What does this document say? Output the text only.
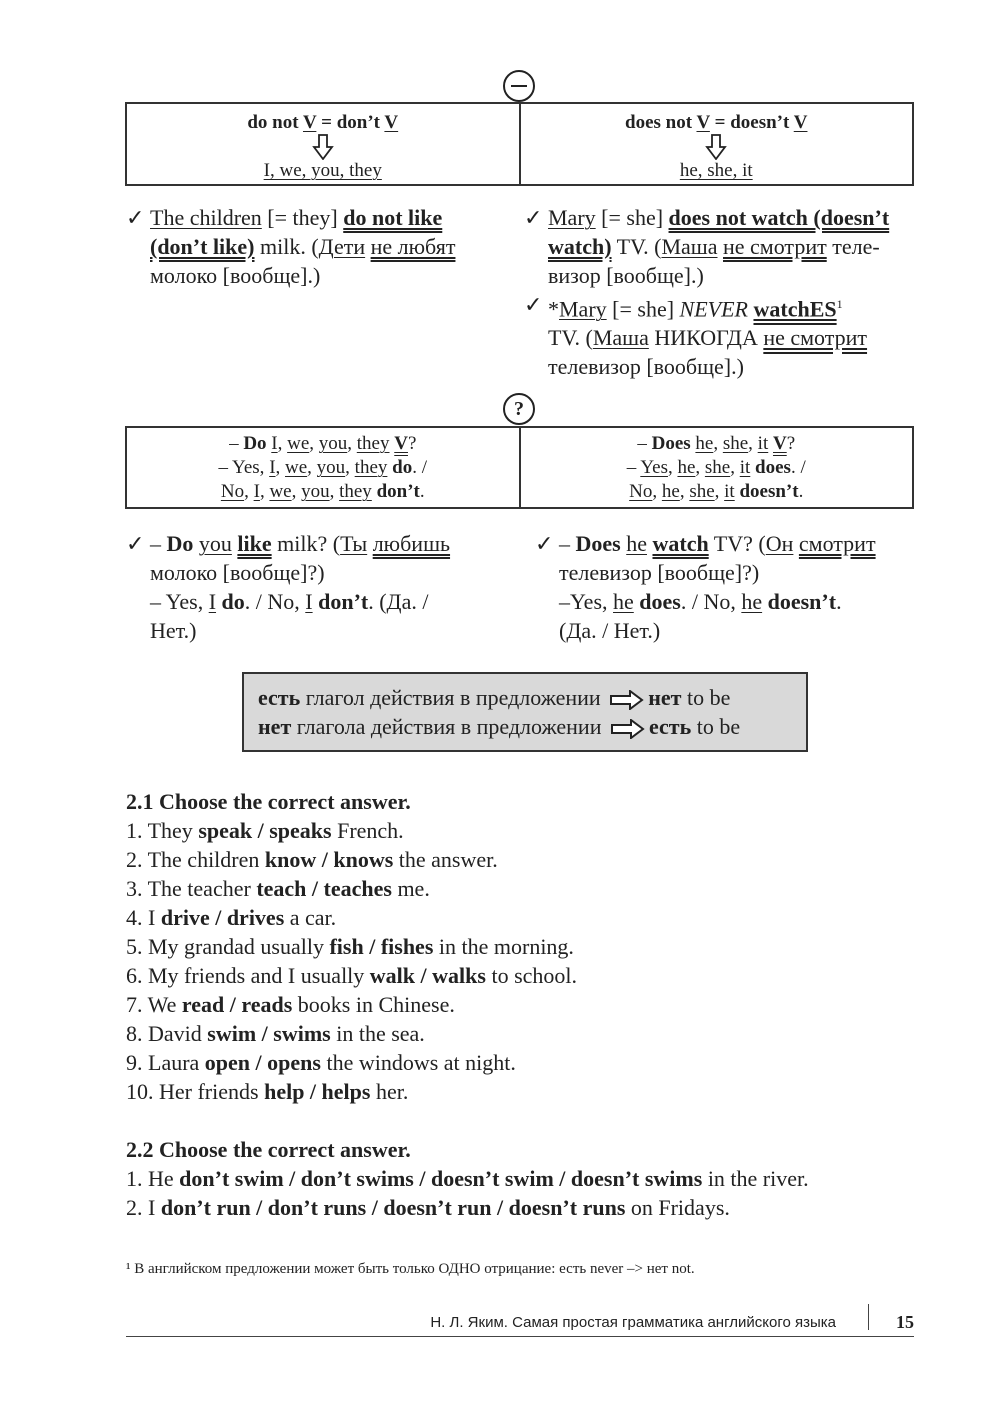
do not V = don’t V
I, we, you, they
does not V = doesn’t V
he, she, it
✓ The children [= they] do not like
(don’t like) milk. (Дети не любят
молоко [вообще].)
✓ Mary [= she] does not watch (doesn’t
watch) TV. (Маша не смотрит теле-
визор [вообще].)
✓ *Mary [= she] NEVER watchES$^1$
TV. (Маша НИКОГДА не смотрит
телевизор [вообще].)
?
– Do I, we, you, they V?
– Yes, I, we, you, they do. /
No, I, we, you, they don’t.
– Does he, she, it V?
– Yes, he, she, it does. /
No, he, she, it doesn’t.
✓ – Do you like milk? (Ты любишь
молоко [вообще]?)
– Yes, I do. / No, I don’t. (Да. /
Нет.)
✓ – Does he watch TV? (Он смотрит
телевизор [вообще]?)
–Yes, he does. / No, he doesn’t.
(Да. / Нет.)
есть глагол действия в предложении нет to be
нет глагола действия в предложении есть to be
2.1 Choose the correct answer.
1. They speak / speaks French.
2. The children know / knows the answer.
3. The teacher teach / teaches me.
4. I drive / drives a car.
5. My grandad usually fish / fishes in the morning.
6. My friends and I usually walk / walks to school.
7. We read / reads books in Chinese.
8. David swim / swims in the sea.
9. Laura open / opens the windows at night.
10. Her friends help / helps her.
2.2 Choose the correct answer.
1. He don’t swim / don’t swims / doesn’t swim / doesn’t swims in the river.
2. I don’t run / don’t runs / doesn’t run / doesn’t runs on Fridays.
¹ В английском предложении может быть только ОДНО отрицание: есть never –> нет not.
Н. Л. Яким. Самая простая грамматика английского языка	15
